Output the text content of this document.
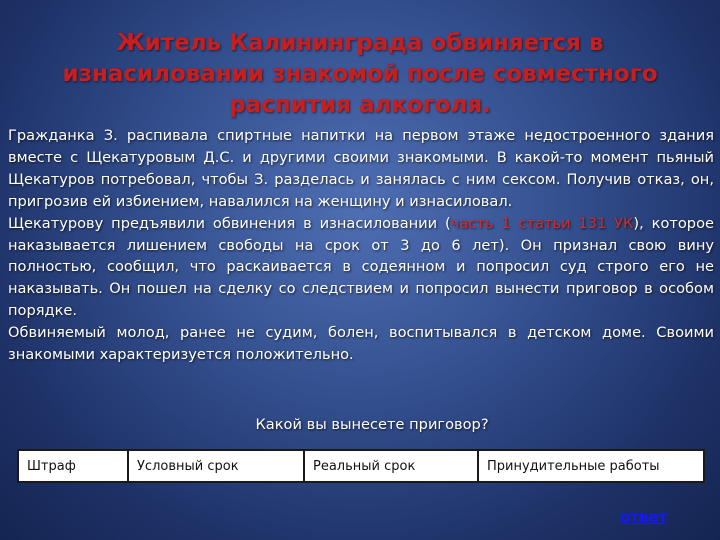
Житель Калининграда обвиняется в изнасиловании знакомой после совместного распития алкоголя.

Гражданка З. распивала спиртные напитки на первом этаже недостроенного здания вместе с Щекатуровым Д.С. и другими своими знакомыми. В какой-то момент пьяный Щекатуров потребовал, чтобы З. разделась и занялась с ним сексом. Получив отказ, он, пригрозив ей избиением, навалился на женщину и изнасиловал.

Щекатурову предъявили обвинения в изнасиловании (часть 1 статьи 131 УК), которое наказывается лишением свободы на срок от 3 до 6 лет). Он признал свою вину полностью, сообщил, что раскаивается в содеянном и попросил суд строго его не наказывать. Он пошел на сделку со следствием и попросил вынести приговор в особом порядке.

Обвиняемый молод, ранее не судим, болен, воспитывался в детском доме. Своими знакомыми характеризуется положительно.

Какой вы вынесете приговор?
Штраф	Условный срок	Реальный срок	Принудительные работы
ответ
